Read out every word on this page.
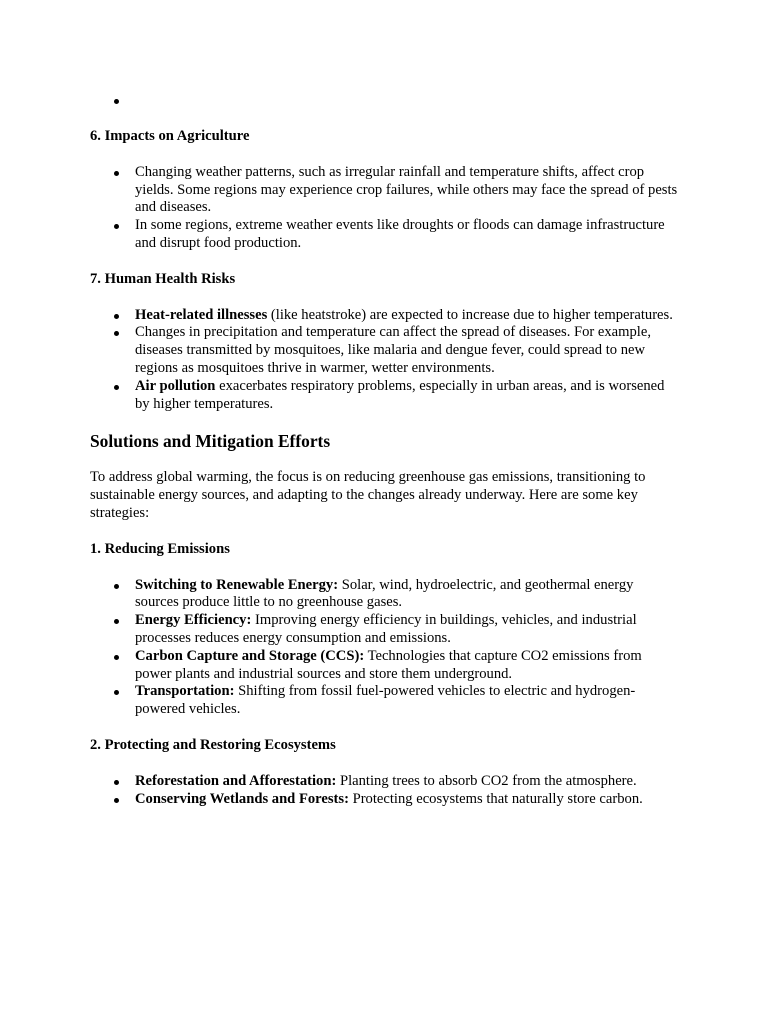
6. Impacts on Agriculture
Changing weather patterns, such as irregular rainfall and temperature shifts, affect crop yields. Some regions may experience crop failures, while others may face the spread of pests and diseases.
In some regions, extreme weather events like droughts or floods can damage infrastructure and disrupt food production.
7. Human Health Risks
Heat-related illnesses (like heatstroke) are expected to increase due to higher temperatures.
Changes in precipitation and temperature can affect the spread of diseases. For example, diseases transmitted by mosquitoes, like malaria and dengue fever, could spread to new regions as mosquitoes thrive in warmer, wetter environments.
Air pollution exacerbates respiratory problems, especially in urban areas, and is worsened by higher temperatures.
Solutions and Mitigation Efforts

To address global warming, the focus is on reducing greenhouse gas emissions, transitioning to sustainable energy sources, and adapting to the changes already underway. Here are some key strategies:

1. Reducing Emissions
Switching to Renewable Energy: Solar, wind, hydroelectric, and geothermal energy sources produce little to no greenhouse gases.
Energy Efficiency: Improving energy efficiency in buildings, vehicles, and industrial processes reduces energy consumption and emissions.
Carbon Capture and Storage (CCS): Technologies that capture CO2 emissions from power plants and industrial sources and store them underground.
Transportation: Shifting from fossil fuel-powered vehicles to electric and hydrogen-powered vehicles.
2. Protecting and Restoring Ecosystems
Reforestation and Afforestation: Planting trees to absorb CO2 from the atmosphere.
Conserving Wetlands and Forests: Protecting ecosystems that naturally store carbon.
